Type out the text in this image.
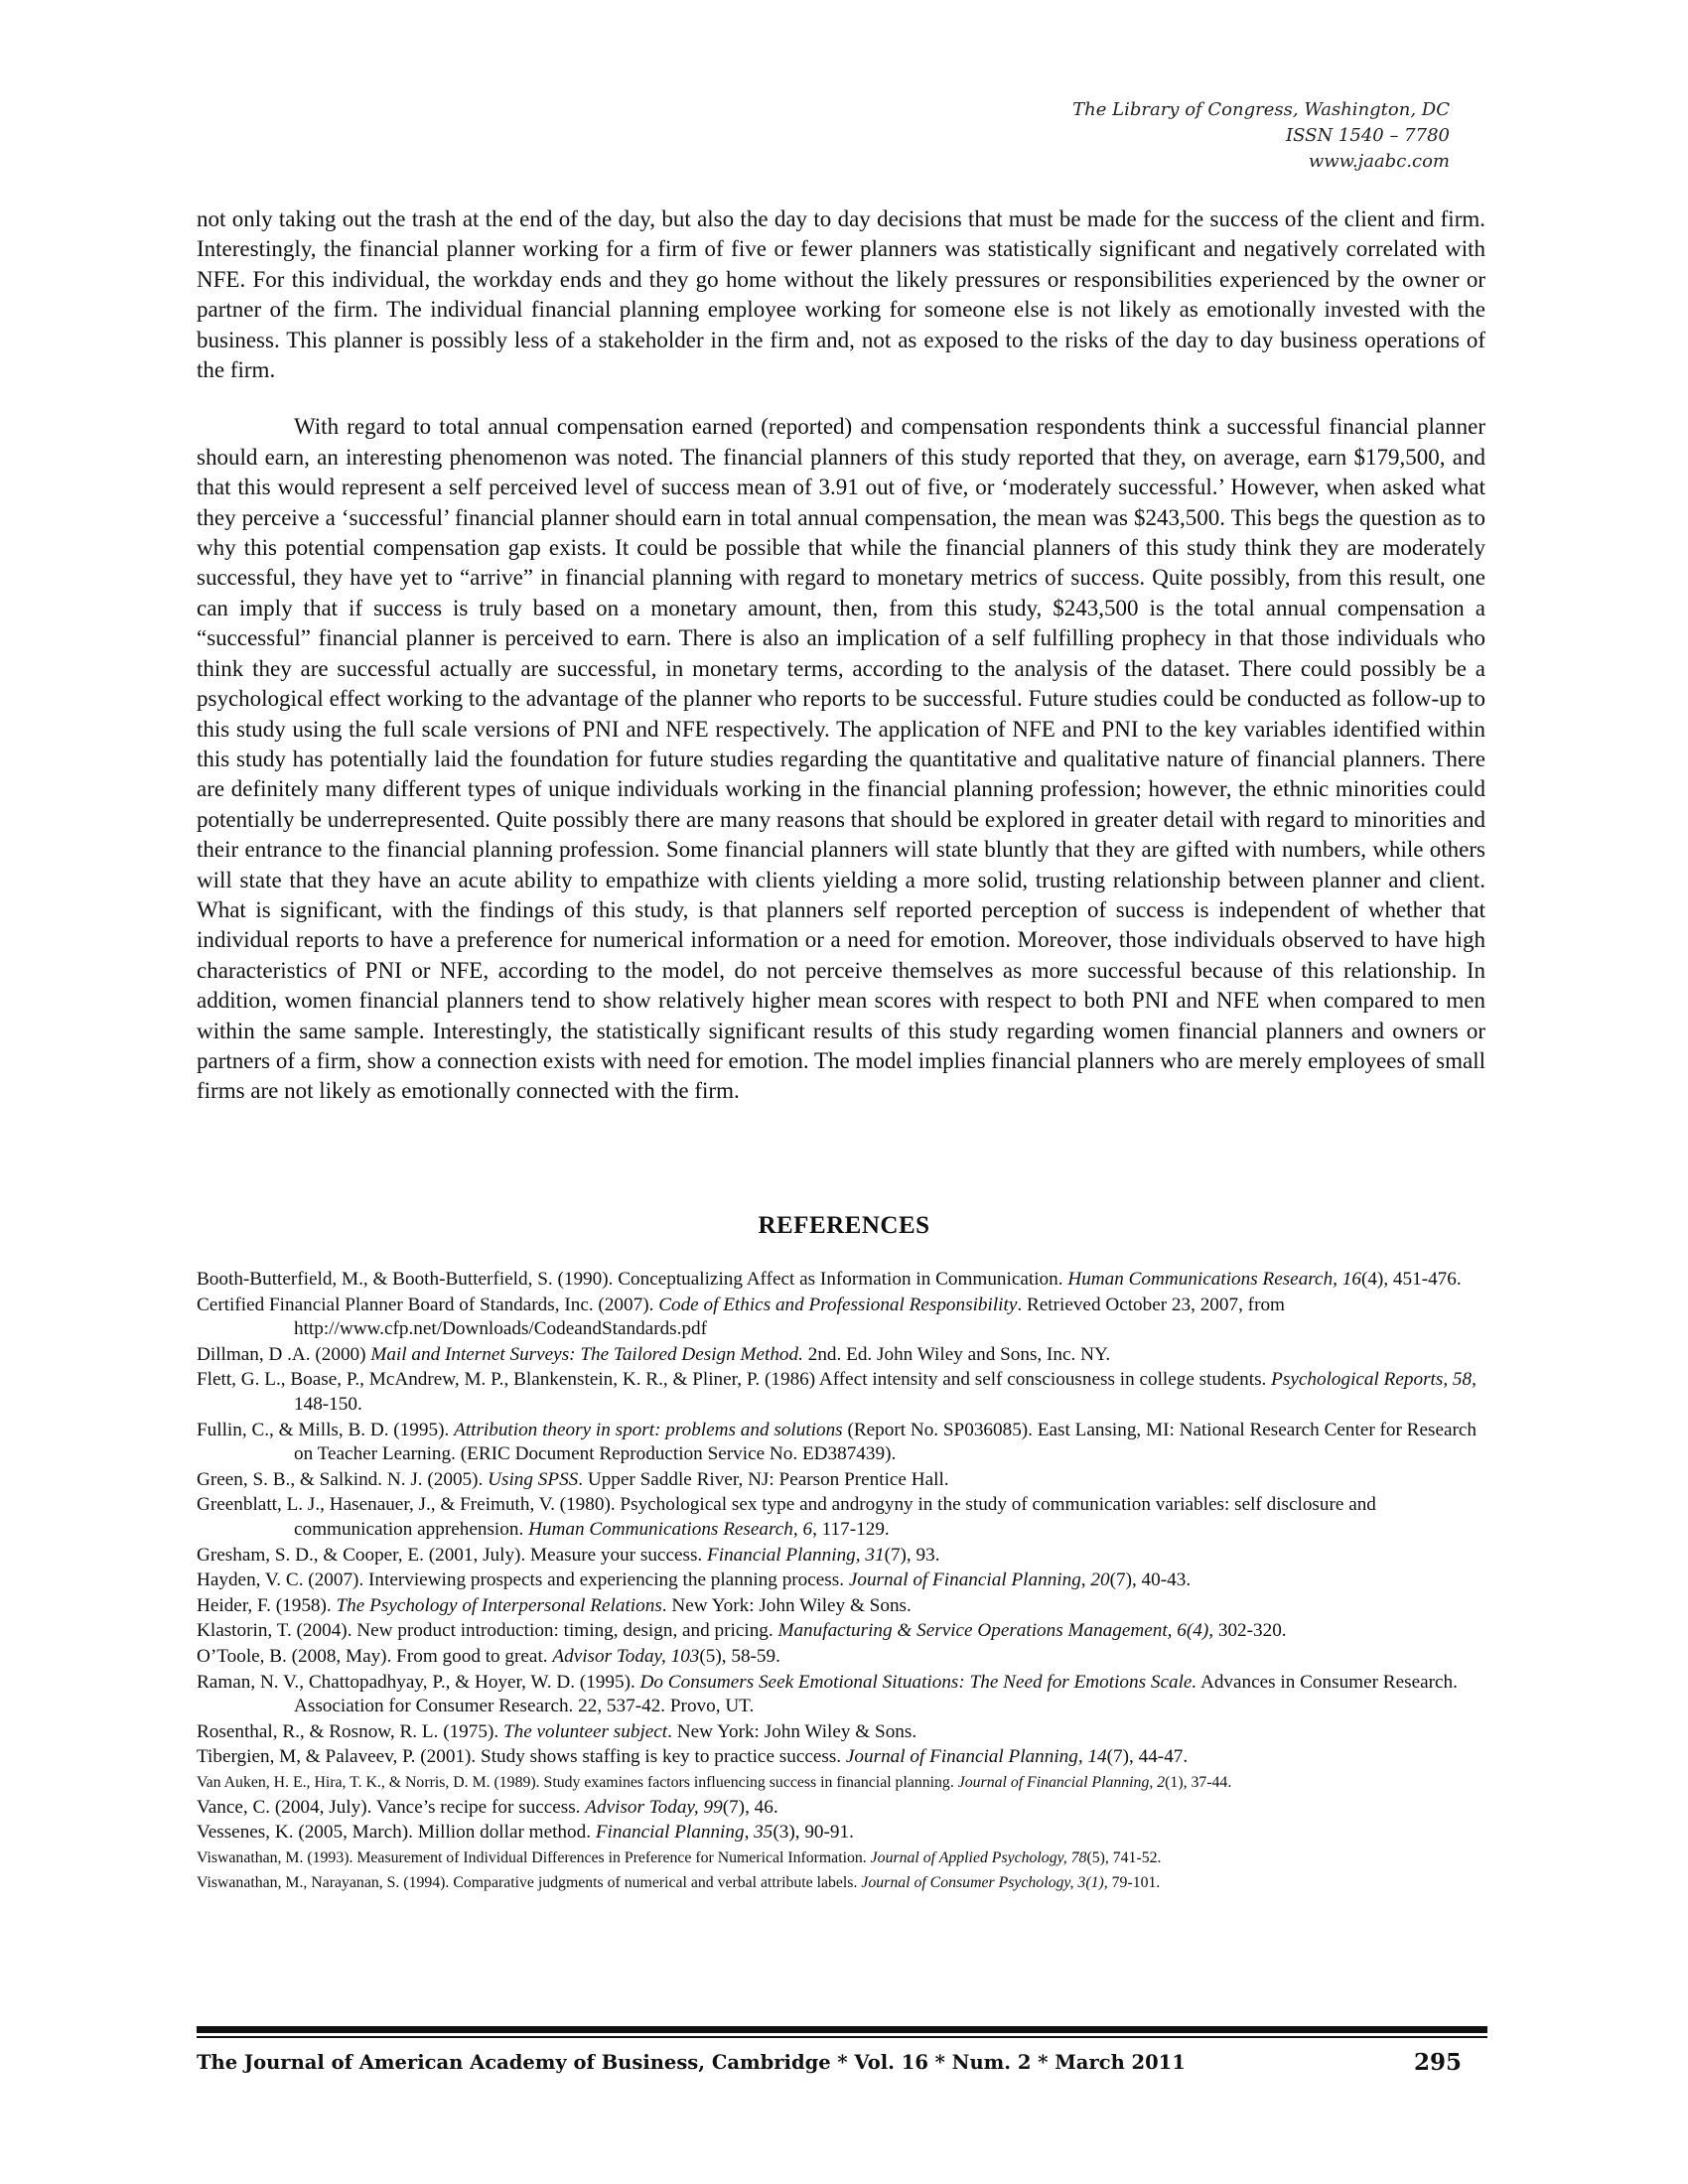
The Library of Congress, Washington, DC
ISSN 1540 – 7780
www.jaabc.com

not only taking out the trash at the end of the day, but also the day to day decisions that must be made for the success of the client and firm. Interestingly, the financial planner working for a firm of five or fewer planners was statistically significant and negatively correlated with NFE. For this individual, the workday ends and they go home without the likely pressures or responsibilities experienced by the owner or partner of the firm. The individual financial planning employee working for someone else is not likely as emotionally invested with the business. This planner is possibly less of a stakeholder in the firm and, not as exposed to the risks of the day to day business operations of the firm.

With regard to total annual compensation earned (reported) and compensation respondents think a successful financial planner should earn, an interesting phenomenon was noted. The financial planners of this study reported that they, on average, earn $179,500, and that this would represent a self perceived level of success mean of 3.91 out of five, or ‘moderately successful.’ However, when asked what they perceive a ‘successful’ financial planner should earn in total annual compensation, the mean was $243,500. This begs the question as to why this potential compensation gap exists. It could be possible that while the financial planners of this study think they are moderately successful, they have yet to “arrive” in financial planning with regard to monetary metrics of success. Quite possibly, from this result, one can imply that if success is truly based on a monetary amount, then, from this study, $243,500 is the total annual compensation a “successful” financial planner is perceived to earn. There is also an implication of a self fulfilling prophecy in that those individuals who think they are successful actually are successful, in monetary terms, according to the analysis of the dataset. There could possibly be a psychological effect working to the advantage of the planner who reports to be successful. Future studies could be conducted as follow-up to this study using the full scale versions of PNI and NFE respectively. The application of NFE and PNI to the key variables identified within this study has potentially laid the foundation for future studies regarding the quantitative and qualitative nature of financial planners. There are definitely many different types of unique individuals working in the financial planning profession; however, the ethnic minorities could potentially be underrepresented. Quite possibly there are many reasons that should be explored in greater detail with regard to minorities and their entrance to the financial planning profession. Some financial planners will state bluntly that they are gifted with numbers, while others will state that they have an acute ability to empathize with clients yielding a more solid, trusting relationship between planner and client. What is significant, with the findings of this study, is that planners self reported perception of success is independent of whether that individual reports to have a preference for numerical information or a need for emotion. Moreover, those individuals observed to have high characteristics of PNI or NFE, according to the model, do not perceive themselves as more successful because of this relationship. In addition, women financial planners tend to show relatively higher mean scores with respect to both PNI and NFE when compared to men within the same sample. Interestingly, the statistically significant results of this study regarding women financial planners and owners or partners of a firm, show a connection exists with need for emotion. The model implies financial planners who are merely employees of small firms are not likely as emotionally connected with the firm.

REFERENCES
Booth-Butterfield, M., & Booth-Butterfield, S. (1990). Conceptualizing Affect as Information in Communication. Human Communications Research, 16(4), 451-476.
Certified Financial Planner Board of Standards, Inc. (2007). Code of Ethics and Professional Responsibility. Retrieved October 23, 2007, from http://www.cfp.net/Downloads/CodeandStandards.pdf
Dillman, D .A. (2000) Mail and Internet Surveys: The Tailored Design Method. 2nd. Ed. John Wiley and Sons, Inc. NY.
Flett, G. L., Boase, P., McAndrew, M. P., Blankenstein, K. R., & Pliner, P. (1986) Affect intensity and self consciousness in college students. Psychological Reports, 58, 148-150.
Fullin, C., & Mills, B. D. (1995). Attribution theory in sport: problems and solutions (Report No. SP036085). East Lansing, MI: National Research Center for Research on Teacher Learning. (ERIC Document Reproduction Service No. ED387439).
Green, S. B., & Salkind. N. J. (2005). Using SPSS. Upper Saddle River, NJ: Pearson Prentice Hall.
Greenblatt, L. J., Hasenauer, J., & Freimuth, V. (1980). Psychological sex type and androgyny in the study of communication variables: self disclosure and communication apprehension. Human Communications Research, 6, 117-129.
Gresham, S. D., & Cooper, E. (2001, July). Measure your success. Financial Planning, 31(7), 93.
Hayden, V. C. (2007). Interviewing prospects and experiencing the planning process. Journal of Financial Planning, 20(7), 40-43.
Heider, F. (1958). The Psychology of Interpersonal Relations. New York: John Wiley & Sons.
Klastorin, T. (2004). New product introduction: timing, design, and pricing. Manufacturing & Service Operations Management, 6(4), 302-320.
O’Toole, B. (2008, May). From good to great. Advisor Today, 103(5), 58-59.
Raman, N. V., Chattopadhyay, P., & Hoyer, W. D. (1995). Do Consumers Seek Emotional Situations: The Need for Emotions Scale. Advances in Consumer Research. Association for Consumer Research. 22, 537-42. Provo, UT.
Rosenthal, R., & Rosnow, R. L. (1975). The volunteer subject. New York: John Wiley & Sons.
Tibergien, M, & Palaveev, P. (2001). Study shows staffing is key to practice success. Journal of Financial Planning, 14(7), 44-47.
Van Auken, H. E., Hira, T. K., & Norris, D. M. (1989). Study examines factors influencing success in financial planning. Journal of Financial Planning, 2(1), 37-44.
Vance, C. (2004, July). Vance’s recipe for success. Advisor Today, 99(7), 46.
Vessenes, K. (2005, March). Million dollar method. Financial Planning, 35(3), 90-91.
Viswanathan, M. (1993). Measurement of Individual Differences in Preference for Numerical Information. Journal of Applied Psychology, 78(5), 741-52.
Viswanathan, M., Narayanan, S. (1994). Comparative judgments of numerical and verbal attribute labels. Journal of Consumer Psychology, 3(1), 79-101.
The Journal of American Academy of Business, Cambridge * Vol. 16 * Num. 2 * March 2011	295
